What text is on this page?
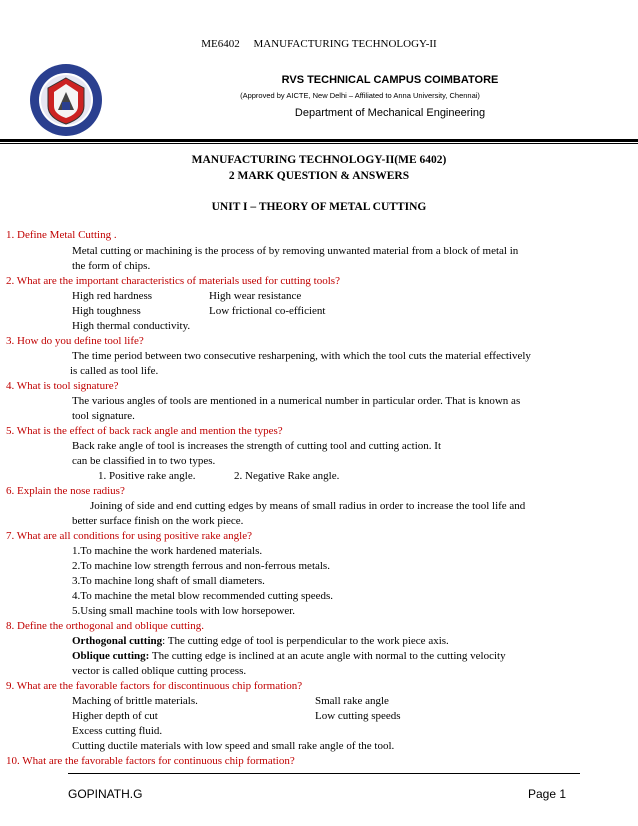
ME6402 MANUFACTURING TECHNOLOGY-II
RVS TECHNICAL CAMPUS COIMBATORE
(Approved by AICTE, New Delhi – Affiliated to Anna University, Chennai)
Department of Mechanical Engineering
MANUFACTURING TECHNOLOGY-II(ME 6402)
2 MARK QUESTION & ANSWERS
UNIT I – THEORY OF METAL CUTTING
1. Define Metal Cutting .
Metal cutting or machining is the process of by removing unwanted material from a block of metal in
the form of chips.
2. What are the important characteristics of materials used for cutting tools?
High red hardness	High wear resistance
High toughness	Low frictional co-efficient
High thermal conductivity.
3. How do you define tool life?
The time period between two consecutive resharpening, with which the tool cuts the material effectively
is called as tool life.
4. What is tool signature?
The various angles of tools are mentioned in a numerical number in particular order. That is known as
tool signature.
5. What is the effect of back rack angle and mention the types?
Back rake angle of tool is increases the strength of cutting tool and cutting action. It
can be classified in to two types.
1. Positive rake angle.	2. Negative Rake angle.
6. Explain the nose radius?
Joining of side and end cutting edges by means of small radius in order to increase the tool life and
better surface finish on the work piece.
7. What are all conditions for using positive rake angle?
1.To machine the work hardened materials.
2.To machine low strength ferrous and non-ferrous metals.
3.To machine long shaft of small diameters.
4.To machine the metal blow recommended cutting speeds.
5.Using small machine tools with low horsepower.
8. Define the orthogonal and oblique cutting.
Orthogonal cutting: The cutting edge of tool is perpendicular to the work piece axis.
Oblique cutting: The cutting edge is inclined at an acute angle with normal to the cutting velocity
vector is called oblique cutting process.
9. What are the favorable factors for discontinuous chip formation?
Maching of brittle materials.	Small rake angle
Higher depth of cut	Low cutting speeds
Excess cutting fluid.
Cutting ductile materials with low speed and small rake angle of the tool.
10. What are the favorable factors for continuous chip formation?
GOPINATH.G	Page 1
